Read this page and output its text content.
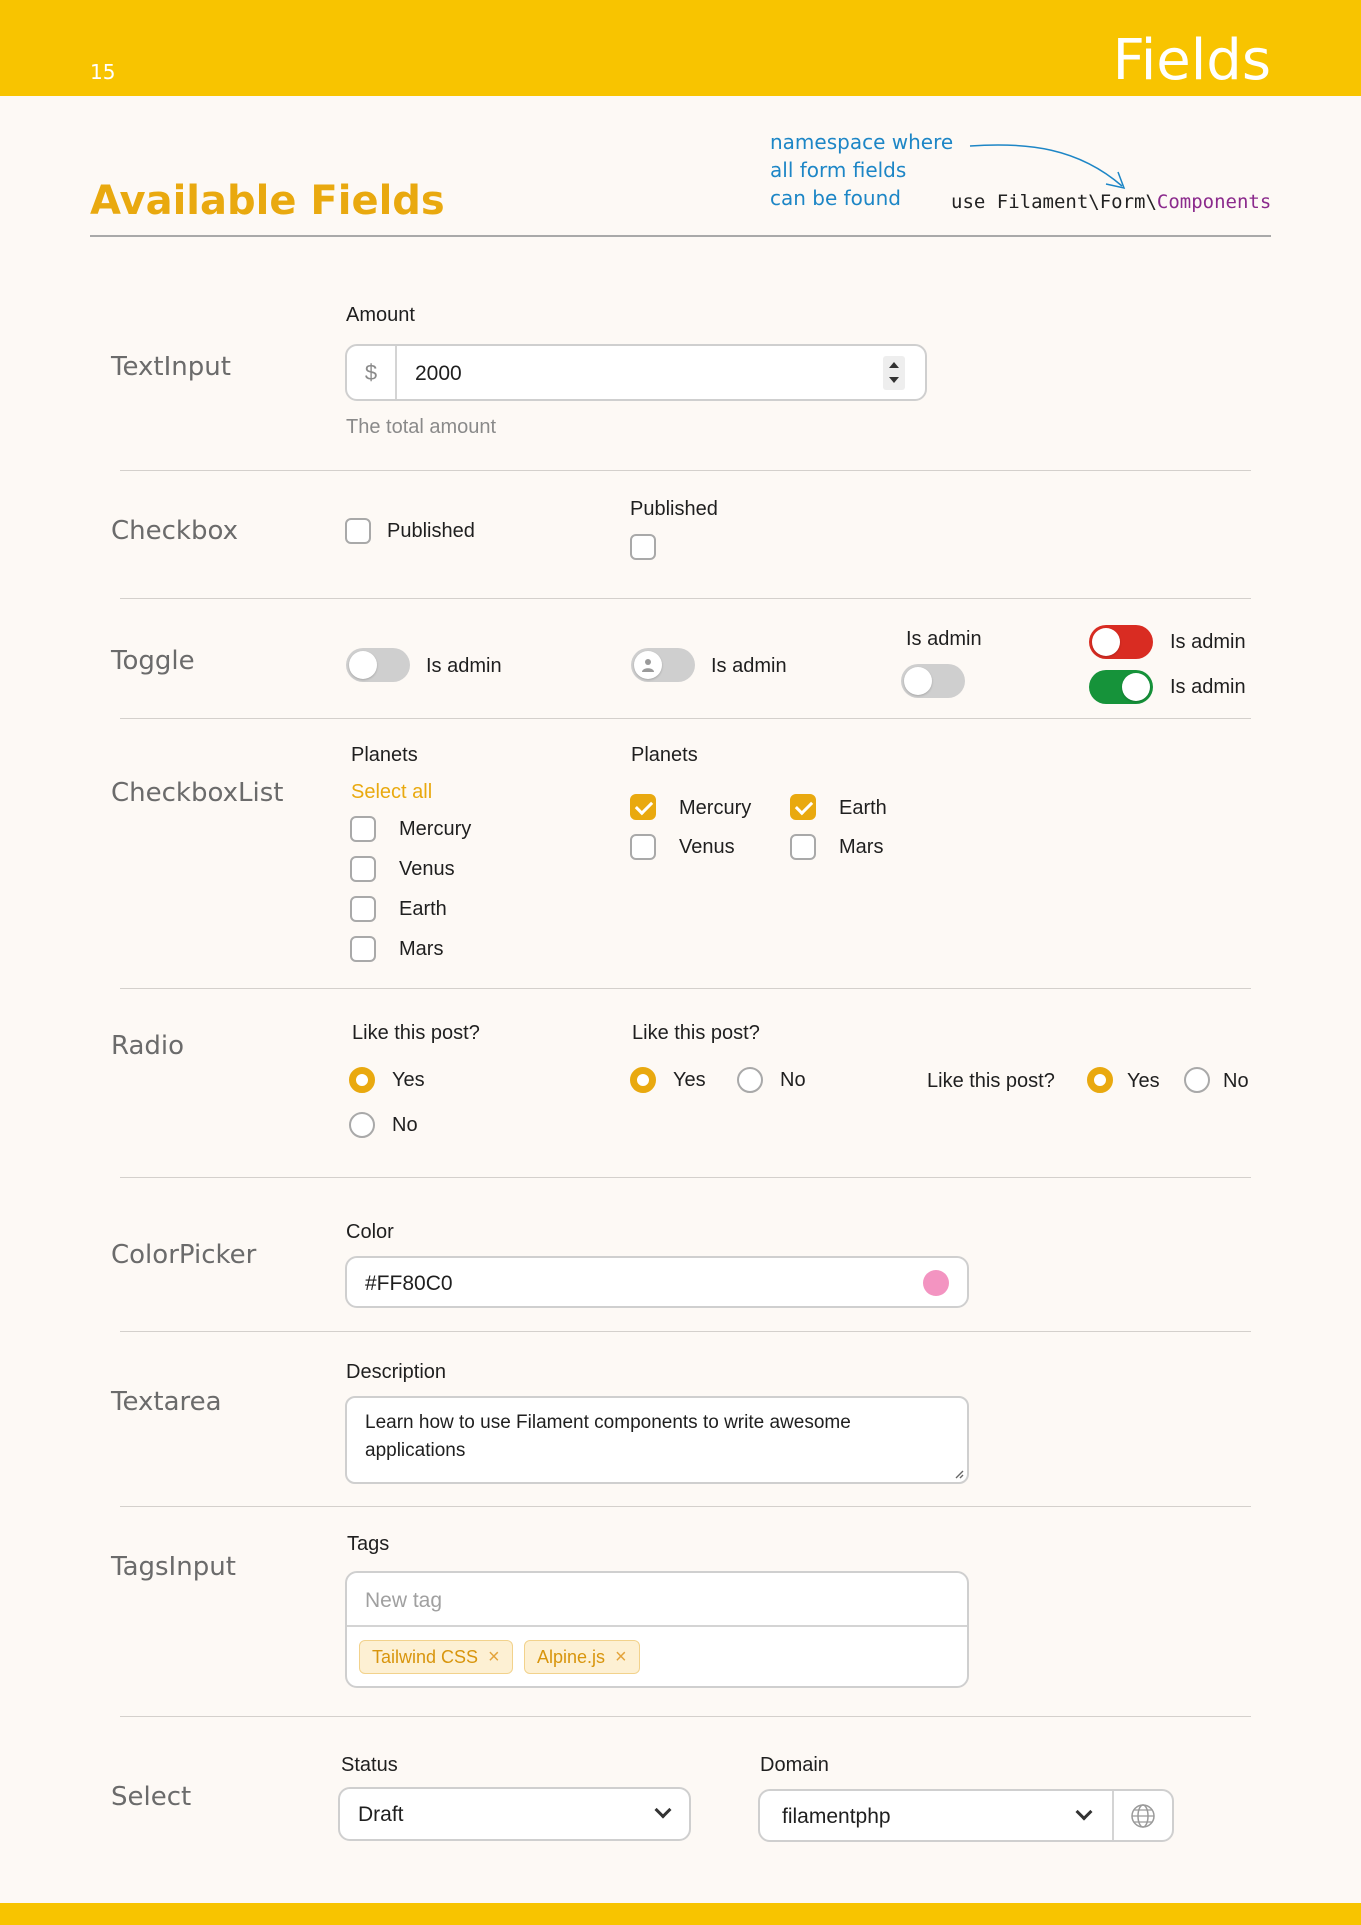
15	Fields
Available Fields
namespace where
all form fields
can be found	use Filament\Form\Components
TextInput
Amount
$	2000
The total amount
Checkbox	Published
Published
Toggle	Is admin	Is admin
Is admin	Is admin
Is admin
CheckboxList
Planets
Select all
Mercury
Venus
Earth
Mars
Planets
Mercury	Earth
Venus	Mars
Radio	Like this post?
Yes
No
Like this post?
Yes	No	Like this post?	Yes	No
ColorPicker
Color
#FF80C0
Textarea
Description
Learn how to use Filament components to write awesome
applications
TagsInput
Tags
New tag
Tailwind CSS × Alpine.js ×
Select
Status
Draft
Domain
filamentphp
